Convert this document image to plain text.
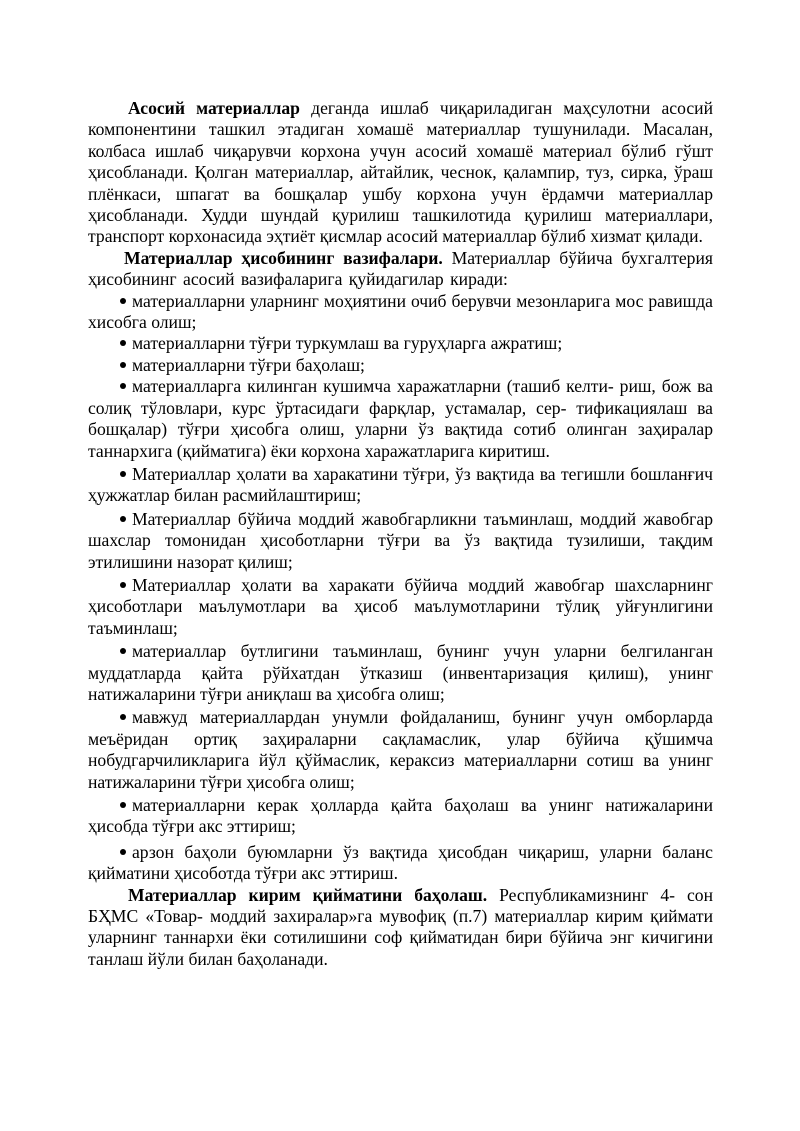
Асосий материаллар деганда ишлаб чиқариладиган маҳсулотни асосий компонентини ташкил этадиган хомашё материаллар тушунилади. Масалан, колбаса ишлаб чиқарувчи корхона учун асосий хомашё материал бўлиб гўшт ҳисобланади. Қолган материаллар, айтайлик, чеснок, қалампир, туз, сирка, ўраш плёнкаси, шпагат ва бошқалар ушбу корхона учун ёрдамчи материаллар ҳисобланади. Худди шундай қурилиш ташкилотида қурилиш материаллари, транспорт корхонасида эҳтиёт қисмлар асосий материаллар бўлиб хизмат қилади.

Материаллар ҳисобининг вазифалари. Материаллар бўйича бухгалтерия ҳисобининг асосий вазифаларига қуйидагилар киради:

материалларни уларнинг моҳиятини очиб берувчи мезонларига мос равишда хисобга олиш;

материалларни тўғри туркумлаш ва гуруҳларга ажратиш;

материалларни тўғри баҳолаш;

материалларга килинган кушимча харажатларни (ташиб келти- риш, бож ва солиқ тўловлари, курс ўртасидаги фарқлар, устамалар, сер- тификациялаш ва бошқалар) тўғри ҳисобга олиш, уларни ўз вақтида сотиб олинган заҳиралар таннархига (қийматига) ёки корхона харажатларига киритиш.

Материаллар ҳолати ва харакатини тўғри, ўз вақтида ва тегишли бошланғич ҳужжатлар билан расмийлаштириш;

Материаллар бўйича моддий жавобгарликни таъминлаш, моддий жавобгар шахслар томонидан ҳисоботларни тўғри ва ўз вақтида тузилиши, тақдим этилишини назорат қилиш;

Материаллар ҳолати ва харакати бўйича моддий жавобгар шахсларнинг ҳисоботлари маълумотлари ва ҳисоб маълумотларини тўлиқ уйғунлигини таъминлаш;

материаллар бутлигини таъминлаш, бунинг учун уларни белгиланган муддатларда қайта рўйхатдан ўтказиш (инвентаризация қилиш), унинг натижаларини тўғри аниқлаш ва ҳисобга олиш;

мавжуд материаллардан унумли фойдаланиш, бунинг учун омборларда меъёридан ортиқ заҳираларни сақламаслик, улар бўйича қўшимча нобудгарчиликларига йўл қўймаслик, кераксиз материалларни сотиш ва унинг натижаларини тўғри ҳисобга олиш;

материалларни керак ҳолларда қайта баҳолаш ва унинг натижаларини ҳисобда тўғри акс эттириш;

арзон баҳоли буюмларни ўз вақтида ҳисобдан чиқариш, уларни баланс қийматини ҳисоботда тўғри акс эттириш.

Материаллар кирим қийматини баҳолаш. Республикамизнинг 4- сон БҲМС «Товар- моддий захиралар»га мувофиқ (п.7) материаллар кирим қиймати уларнинг таннархи ёки сотилишини соф қийматидан бири бўйича энг кичигини танлаш йўли билан баҳоланади.
